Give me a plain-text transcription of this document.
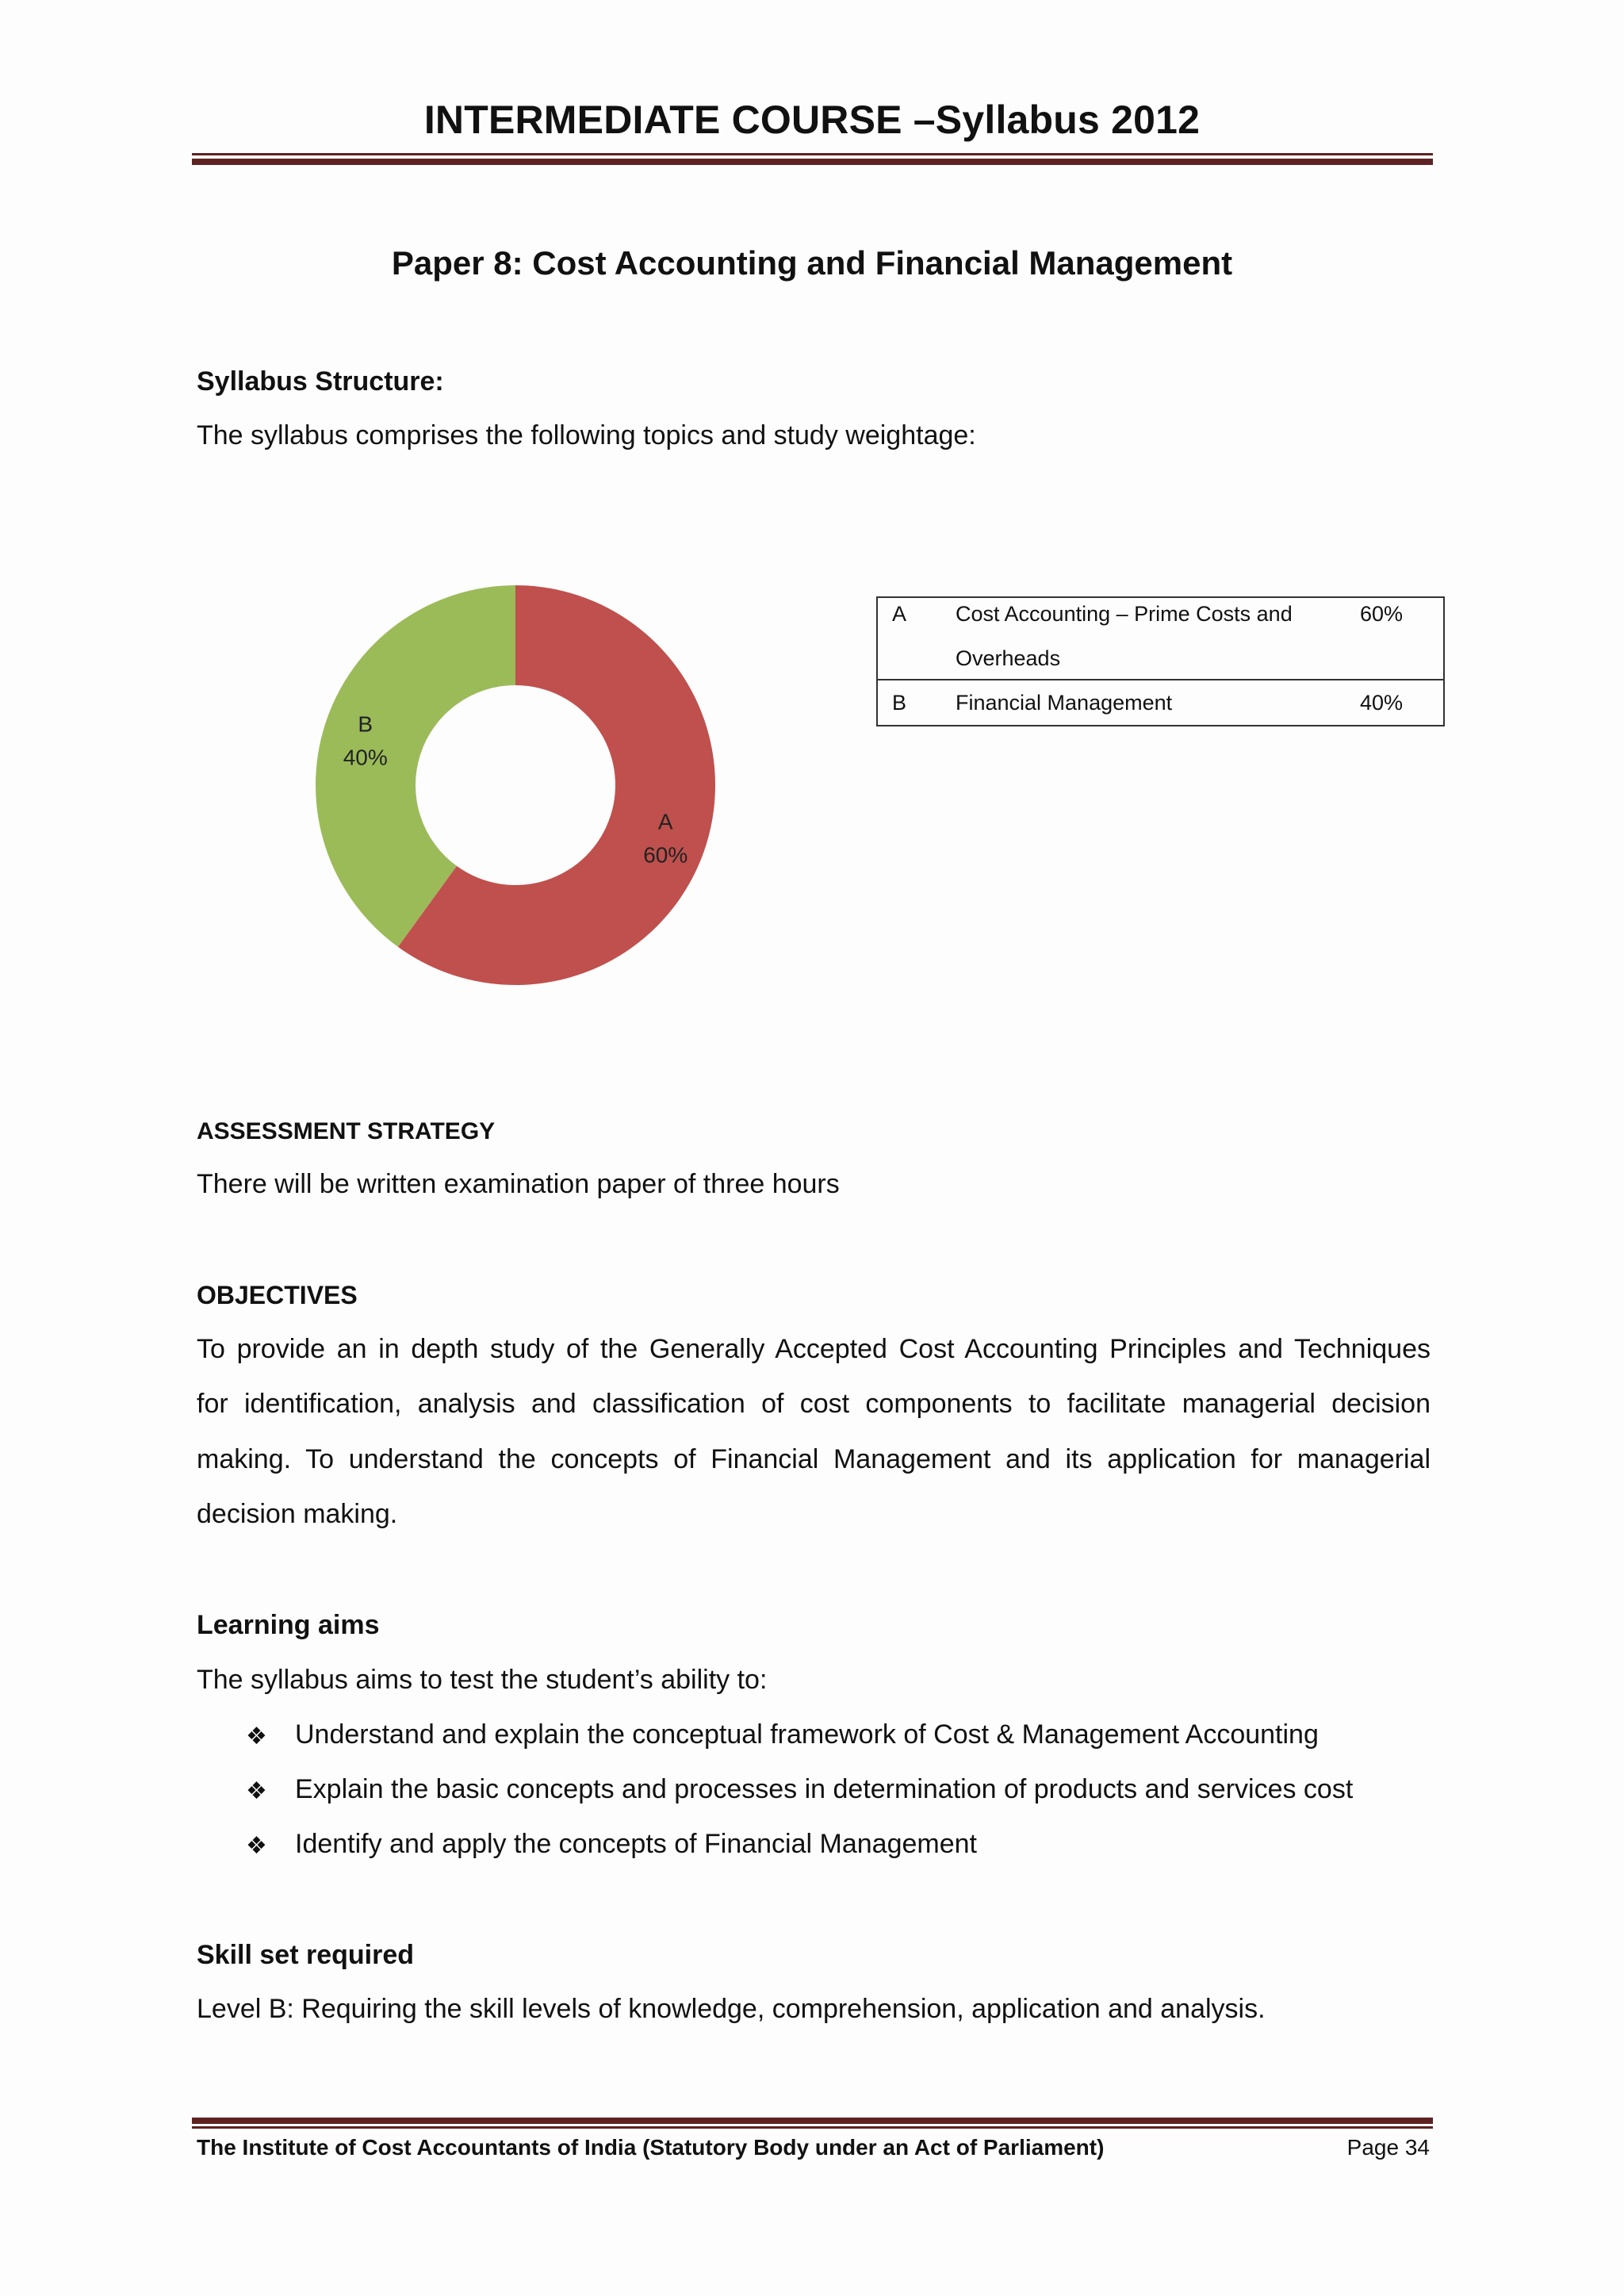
INTERMEDIATE COURSE –Syllabus 2012
Paper 8: Cost Accounting and Financial Management
Syllabus Structure:
The syllabus comprises the following topics and study weightage:
A
60%
B
40%
A	Cost Accounting – Prime Costs and
Overheads	60%
B	Financial Management	40%
ASSESSMENT STRATEGY
There will be written examination paper of three hours
OBJECTIVES
To provide an in depth study of the Generally Accepted Cost Accounting Principles and Techniques
for identification, analysis and classification of cost components to facilitate managerial decision
making. To understand the concepts of Financial Management and its application for managerial
decision making.
Learning aims
The syllabus aims to test the student’s ability to:
❖ Understand and explain the conceptual framework of Cost & Management Accounting
❖ Explain the basic concepts and processes in determination of products and services cost
❖ Identify and apply the concepts of Financial Management
Skill set required
Level B: Requiring the skill levels of knowledge, comprehension, application and analysis.
The Institute of Cost Accountants of India (Statutory Body under an Act of Parliament)	Page 34
